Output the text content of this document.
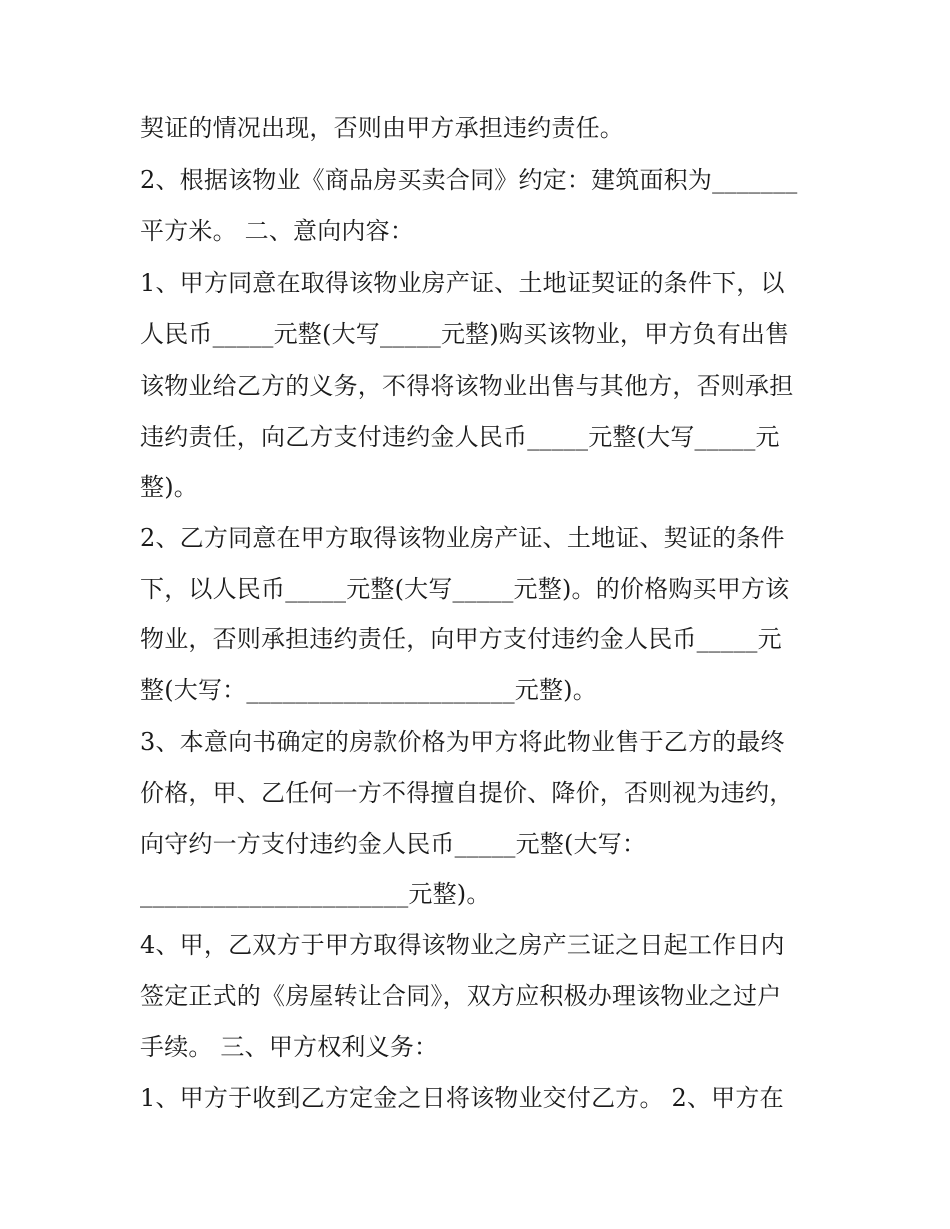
契证的情况出现，否则由甲方承担违约责任。
2、根据该物业《商品房买卖合同》约定：建筑面积为_______
平方米。 二、意向内容：
1、甲方同意在取得该物业房产证、土地证契证的条件下，以
人民币_____元整(大写_____元整)购买该物业，甲方负有出售
该物业给乙方的义务，不得将该物业出售与其他方，否则承担
违约责任，向乙方支付违约金人民币_____元整(大写_____元
整)。
2、乙方同意在甲方取得该物业房产证、土地证、契证的条件
下，以人民币_____元整(大写_____元整)。的价格购买甲方该
物业，否则承担违约责任，向甲方支付违约金人民币_____元
整(大写：______________________元整)。
3、本意向书确定的房款价格为甲方将此物业售于乙方的最终
价格，甲、乙任何一方不得擅自提价、降价，否则视为违约，
向守约一方支付违约金人民币_____元整(大写：
______________________元整)。
4、甲，乙双方于甲方取得该物业之房产三证之日起工作日内
签定正式的《房屋转让合同》，双方应积极办理该物业之过户
手续。 三、甲方权利义务：
1、甲方于收到乙方定金之日将该物业交付乙方。 2、甲方在
